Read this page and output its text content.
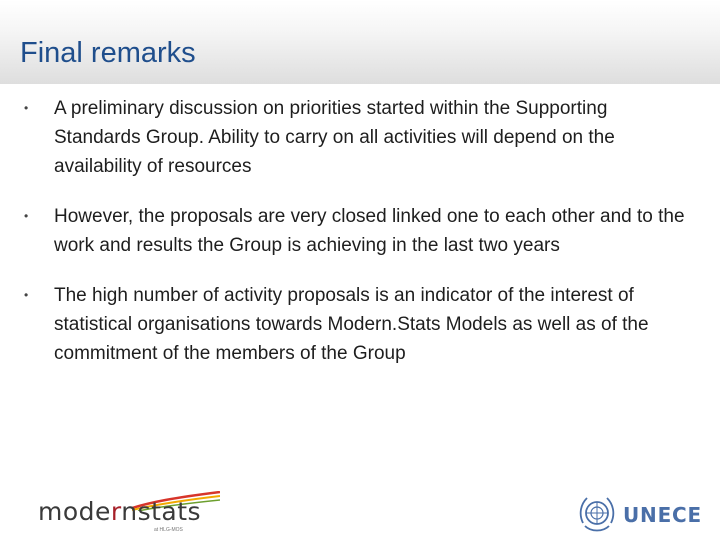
Final remarks
• A preliminary discussion on priorities started within the Supporting Standards Group. Ability to carry on all activities will depend on the availability of resources
• However, the proposals are very closed linked one to each other and to the work and results the Group is achieving in the last two years
• The high number of activity proposals is an indicator of the interest of statistical organisations towards Modern.Stats Models as well as of the commitment of the members of the Group
modernstats
at HLG-MOS
UNECE
